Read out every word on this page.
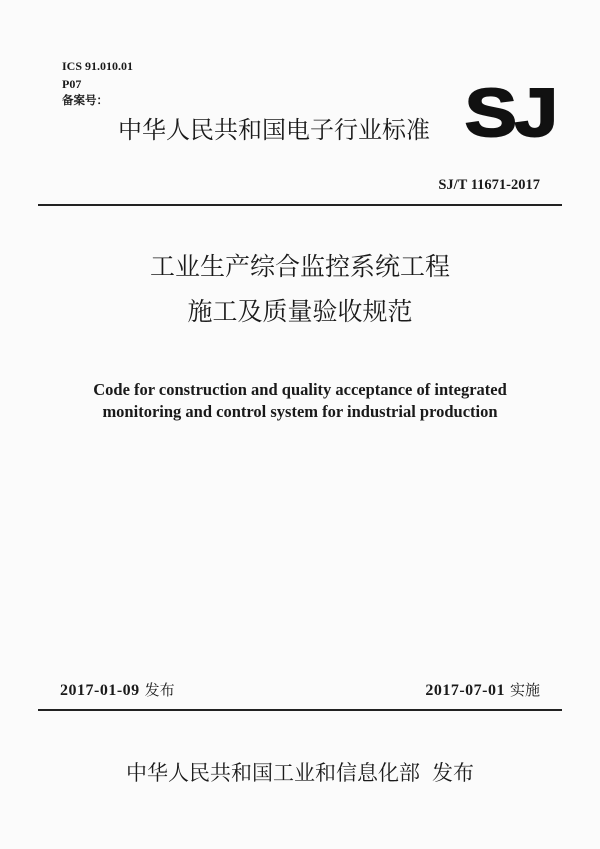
ICS 91.010.01
P07
备案号：
中华人民共和国电子行业标准 SJ
SJ/T 11671-2017
工业生产综合监控系统工程
施工及质量验收规范
Code for construction and quality acceptance of integrated
monitoring and control system for industrial production
2017-01-09 发布	2017-07-01 实施
中华人民共和国工业和信息化部 发布
